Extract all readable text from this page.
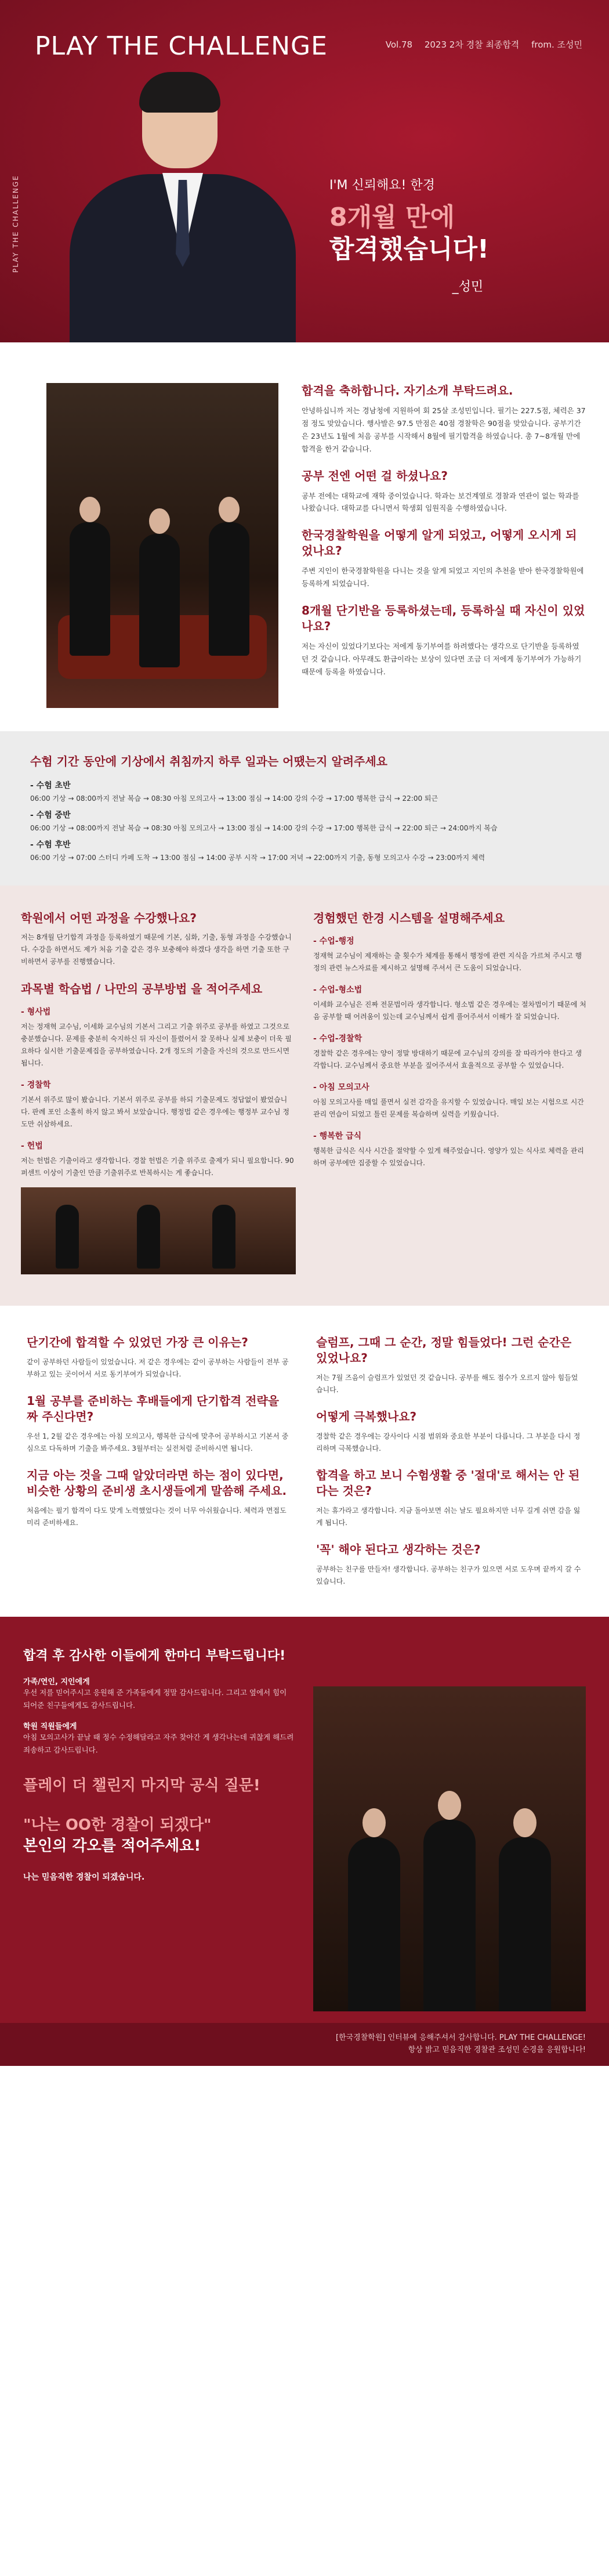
PLAY THE CHALLENGE	Vol.78 2023 2차 경찰 최종합격 from. 조성민
PLAY THE CHALLENGE	I'M 신뢰해요! 한경
8개월 만에
합격했습니다!
_성민
합격을 축하합니다. 자기소개 부탁드려요.
안녕하십니까 저는 경남청에 지원하여 회 25살 조성민입니다. 필기는 227.5점, 체력은 37점 정도 맞았습니다. 행사발은 97.5 만점은 40점 경찰학은 90점을 맞았습니다. 공부기간은 23년도 1월에 처음 공부를 시작해서 8월에 필기합격을 하였습니다. 총 7~8개월 만에 합격을 한거 같습니다.
공부 전엔 어떤 걸 하셨나요?
공부 전에는 대학교에 재학 중이었습니다. 학과는 보건계열로 경찰과 연관이 없는 학과를 나왔습니다. 대학교를 다니면서 학생회 임원직을 수행하였습니다.
한국경찰학원을 어떻게 알게 되었고, 어떻게 오시게 되었나요?
주변 지인이 한국경찰학원을 다니는 것을 알게 되었고 지인의 추천을 받아 한국경찰학원에 등록하게 되었습니다.
8개월 단기반을 등록하셨는데, 등록하실 때 자신이 있었나요?
저는 자신이 있었다기보다는 저에게 동기부여를 하려했다는 생각으로 단기반을 등록하였던 것 같습니다. 아무래도 환급이라는 보상이 있다면 조금 더 저에게 동기부여가 가능하기 때문에 등록을 하였습니다.
수험 기간 동안에 기상에서 취침까지 하루 일과는 어땠는지 알려주세요
- 수험 초반
06:00 기상 → 08:00까지 전날 복습 → 08:30 아침 모의고사 → 13:00 점심 → 14:00 강의 수강 → 17:00 행복한 급식 → 22:00 퇴근
- 수험 중반
06:00 기상 → 08:00까지 전날 복습 → 08:30 아침 모의고사 → 13:00 점심 → 14:00 강의 수강 → 17:00 행복한 급식 → 22:00 퇴근 → 24:00까지 복습
- 수험 후반
06:00 기상 → 07:00 스터디 카페 도착 → 13:00 점심 → 14:00 공부 시작 → 17:00 저녁 → 22:00까지 기출, 동형 모의고사 수강 → 23:00까지 체력
학원에서 어떤 과정을 수강했나요?
저는 8개월 단기합격 과정을 등록하였기 때문에 기본, 심화, 기출, 동형 과정을 수강했습니다. 수강을 하면서도 제가 처음 기출 같은 경우 보충해야 하겠다 생각을 하면 기출 또한 구비하면서 공부를 진행했습니다.
과목별 학습법 / 나만의 공부방법 을 적어주세요
- 형사법
저는 정재혁 교수님, 이세화 교수님의 기본서 그리고 기출 위주로 공부를 하였고 그것으로 충분했습니다. 문제를 충분히 숙지하신 뒤 자신이 틀렸어서 잘 못하나 실제 보충이 더욱 필요하다 실시한 기출문제집을 공부하였습니다. 2개 정도의 기출을 자신의 것으로 만드시면 됩니다.
- 경찰학
기본서 위주로 많이 봤습니다. 기본서 위주로 공부를 하되 기출문제도 정답없이 봤었습니다. 판례 포인 소홀히 하지 않고 봐서 보았습니다. 행정법 같은 경우에는 행정부 교수님 정도만 쉬삼하세요.
- 헌법
저는 헌법은 기출이라고 생각합니다. 경찰 헌법은 기출 위주로 출제가 되니 필요합니다. 90퍼센트 이상이 기출인 만큼 기출위주로 반복하시는 게 좋습니다.
경험했던 한경 시스템을 설명해주세요
- 수업-행정
정재혁 교수님이 제재하는 출 횟수가 체계를 통해서 행정에 관련 지식을 가르쳐 주시고 행정의 관련 뉴스자료를 제시하고 설명해 주셔서 큰 도움이 되었습니다.
- 수업-형소법
이세화 교수님은 진짜 전문법이라 생각합니다. 형소법 같은 경우에는 절차법이기 때문에 처음 공부할 때 어려움이 있는데 교수님께서 쉽게 풀어주셔서 이해가 잘 되었습니다.
- 수업-경찰학
경찰학 같은 경우에는 양이 정말 방대하기 때문에 교수님의 강의를 잘 따라가야 한다고 생각합니다. 교수님께서 중요한 부분을 짚어주셔서 효율적으로 공부할 수 있었습니다.
- 아침 모의고사
아침 모의고사를 매일 풀면서 실전 감각을 유지할 수 있었습니다. 매일 보는 시험으로 시간 관리 연습이 되었고 틀린 문제를 복습하며 실력을 키웠습니다.
- 행복한 급식
행복한 급식은 식사 시간을 절약할 수 있게 해주었습니다. 영양가 있는 식사로 체력을 관리하며 공부에만 집중할 수 있었습니다.
단기간에 합격할 수 있었던 가장 큰 이유는?
같이 공부하던 사람들이 있었습니다. 저 같은 경우에는 같이 공부하는 사람들이 전부 공부하고 있는 곳이어서 서로 동기부여가 되었습니다.
1월 공부를 준비하는 후배들에게 단기합격 전략을 짜 주신다면?
우선 1, 2월 같은 경우에는 아침 모의고사, 행복한 급식에 맞추어 공부하시고 기본서 중심으로 다독하며 기출을 봐주세요. 3월부터는 실전처럼 준비하시면 됩니다.
지금 아는 것을 그때 알았더라면 하는 점이 있다면, 비슷한 상황의 준비생 초시생들에게 말씀해 주세요.
처음에는 필기 합격이 다도 맞게 노력했었다는 것이 너무 아쉬웠습니다. 체력과 면접도 미리 준비하세요.
슬럼프, 그때 그 순간, 정말 힘들었다! 그런 순간은 있었나요?
저는 7월 즈음이 슬럼프가 있었던 것 같습니다. 공부를 해도 점수가 오르지 않아 힘들었습니다.
어떻게 극복했나요?
경찰학 같은 경우에는 강사이다 시점 범위와 중요한 부분이 다릅니다. 그 부분을 다시 정리하며 극복했습니다.
합격을 하고 보니 수험생활 중 '절대'로 해서는 안 된다는 것은?
저는 휴가라고 생각합니다. 지금 돌아보면 쉬는 날도 필요하지만 너무 길게 쉬면 감을 잃게 됩니다.
'꼭' 해야 된다고 생각하는 것은?
공부하는 친구를 만들자! 생각합니다. 공부하는 친구가 있으면 서로 도우며 끝까지 갈 수 있습니다.
합격 후 감사한 이들에게 한마디 부탁드립니다!
가족/연인, 지인에게
우선 저를 믿어주시고 응원해 준 가족들에게 정말 감사드립니다. 그리고 옆에서 힘이 되어준 친구들에게도 감사드립니다.
학원 직원들에게
아침 모의고사가 끝날 때 정수 수정해달라고 자주 찾아간 게 생각나는데 귀찮게 해드려 죄송하고 감사드립니다.
플레이 더 챌린지 마지막 공식 질문!
"나는 OO한 경찰이 되겠다"
본인의 각오를 적어주세요!
나는 믿음직한 경찰이 되겠습니다.
[한국경찰학원] 인터뷰에 응해주셔서 감사합니다. PLAY THE CHALLENGE!
항상 밝고 믿음직한 경찰관 조성민 순경을 응원합니다!
